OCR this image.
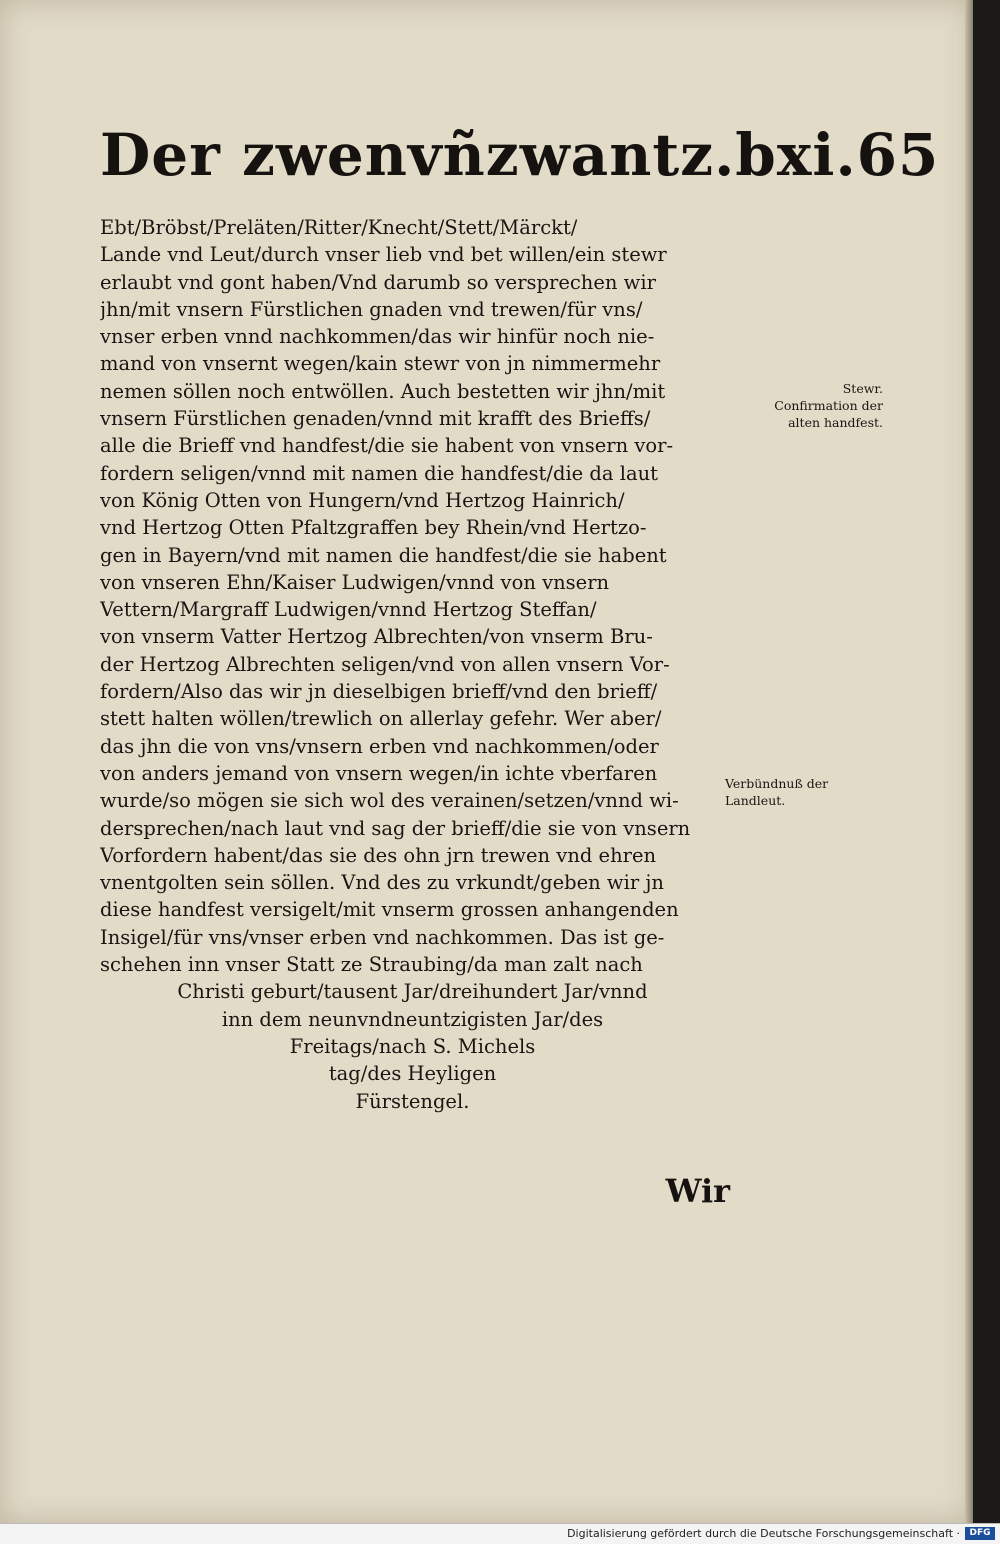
Der zwenvñzwantz.bxi.65
Ebt/Bröbst/Preläten/Ritter/Knecht/Stett/Märckt/
Lande vnd Leut/durch vnser lieb vnd bet willen/ein stewr
erlaubt vnd gont haben/Vnd darumb so versprechen wir
jhn/mit vnsern Fürstlichen gnaden vnd trewen/für vns/
vnser erben vnnd nachkommen/das wir hinfür noch nie-
mand von vnsernt wegen/kain stewr von jn nimmermehr
nemen söllen noch entwöllen. Auch bestetten wir jhn/mit
vnsern Fürstlichen genaden/vnnd mit krafft des Brieffs/
alle die Brieff vnd handfest/die sie habent von vnsern vor-
fordern seligen/vnnd mit namen die handfest/die da laut
von König Otten von Hungern/vnd Hertzog Hainrich/
vnd Hertzog Otten Pfaltzgraffen bey Rhein/vnd Hertzo-
gen in Bayern/vnd mit namen die handfest/die sie habent
von vnseren Ehn/Kaiser Ludwigen/vnnd von vnsern
Vettern/Margraff Ludwigen/vnnd Hertzog Steffan/
von vnserm Vatter Hertzog Albrechten/von vnserm Bru-
der Hertzog Albrechten seligen/vnd von allen vnsern Vor-
fordern/Also das wir jn dieselbigen brieff/vnd den brieff/
stett halten wöllen/trewlich on allerlay gefehr. Wer aber/
das jhn die von vns/vnsern erben vnd nachkommen/oder
von anders jemand von vnsern wegen/in ichte vberfaren
wurde/so mögen sie sich wol des verainen/setzen/vnnd wi-
dersprechen/nach laut vnd sag der brieff/die sie von vnsern
Vorfordern habent/das sie des ohn jrn trewen vnd ehren
vnentgolten sein söllen. Vnd des zu vrkundt/geben wir jn
diese handfest versigelt/mit vnserm grossen anhangenden
Insigel/für vns/vnser erben vnd nachkommen. Das ist ge-
schehen inn vnser Statt ze Straubing/da man zalt nach
Christi geburt/tausent Jar/dreihundert Jar/vnnd
inn dem neunvndneuntzigisten Jar/des
Freitags/nach S. Michels
tag/des Heyligen
Fürstengel.
Wir
Stewr.
Confirmation der
alten handfest.
Verbündnuß der
Landleut.
Digitalisierung gefördert durch die Deutsche Forschungsgemeinschaft ·	DFG
